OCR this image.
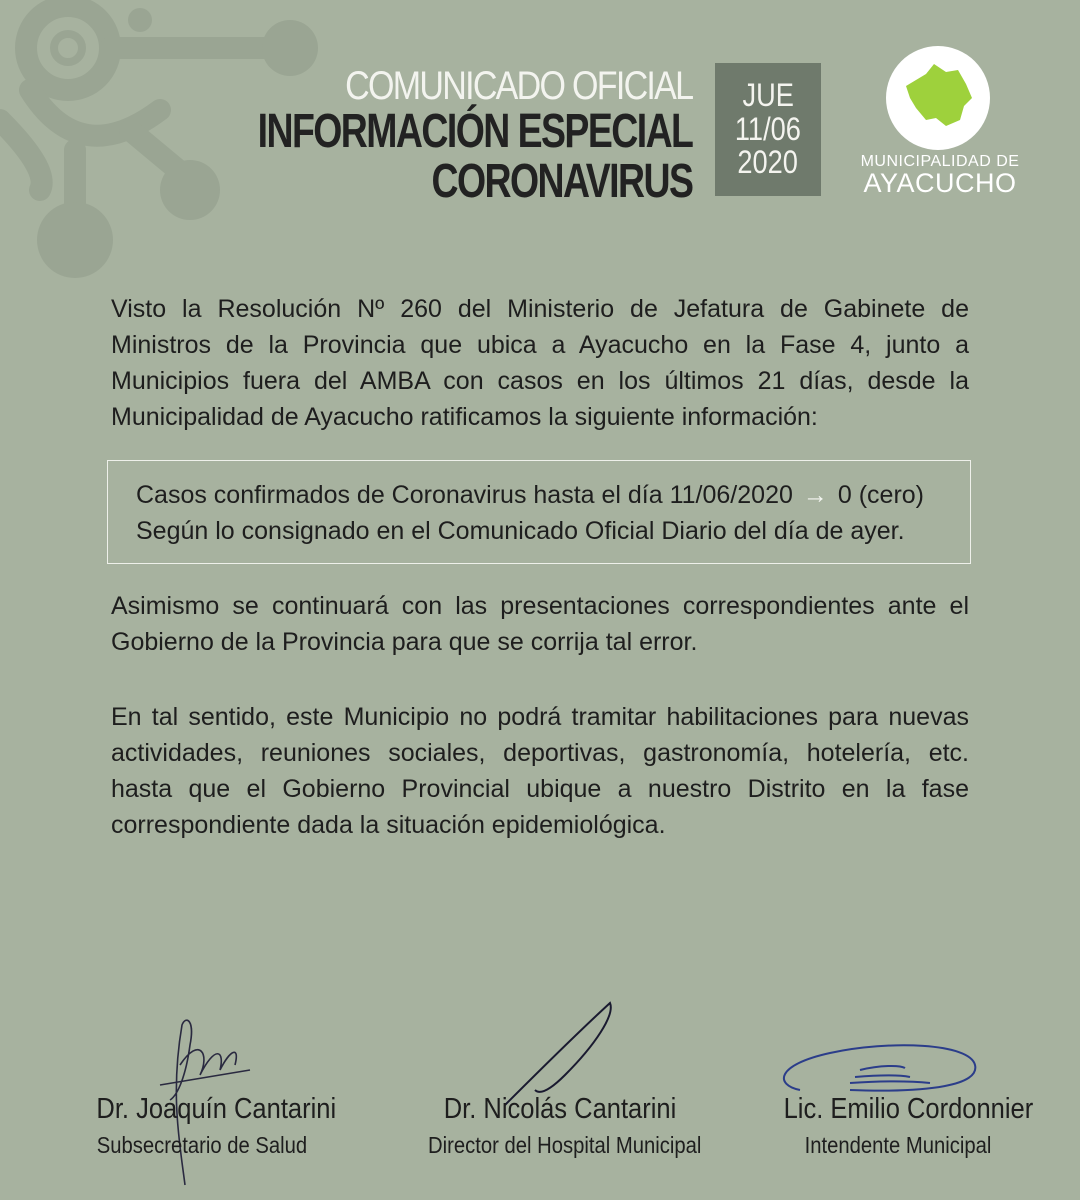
COMUNICADO OFICIAL
INFORMACIÓN ESPECIAL
CORONAVIRUS
JUE
11/06
2020	MUNICIPALIDAD DE
AYACUCHO
Visto la Resolución Nº 260 del Ministerio de Jefatura de Gabinete de Ministros de la Provincia que ubica a Ayacucho en la Fase 4, junto a Municipios fuera del AMBA con casos en los últimos 21 días, desde la Municipalidad de Ayacucho ratificamos la siguiente información:
Casos confirmados de Coronavirus hasta el día 11/06/2020 → 0 (cero)
Según lo consignado en el Comunicado Oficial Diario del día de ayer.
Asimismo se continuará con las presentaciones correspondientes ante el Gobierno de la Provincia para que se corrija tal error.
En tal sentido, este Municipio no podrá tramitar habilitaciones para nuevas actividades, reuniones sociales, deportivas, gastronomía, hotelería, etc. hasta que el Gobierno Provincial ubique a nuestro Distrito en la fase correspondiente dada la situación epidemiológica.
Dr. Joaquín Cantarini
Subsecretario de Salud
Dr. Nicolás Cantarini
Director del Hospital Municipal
Lic. Emilio Cordonnier
Intendente Municipal
